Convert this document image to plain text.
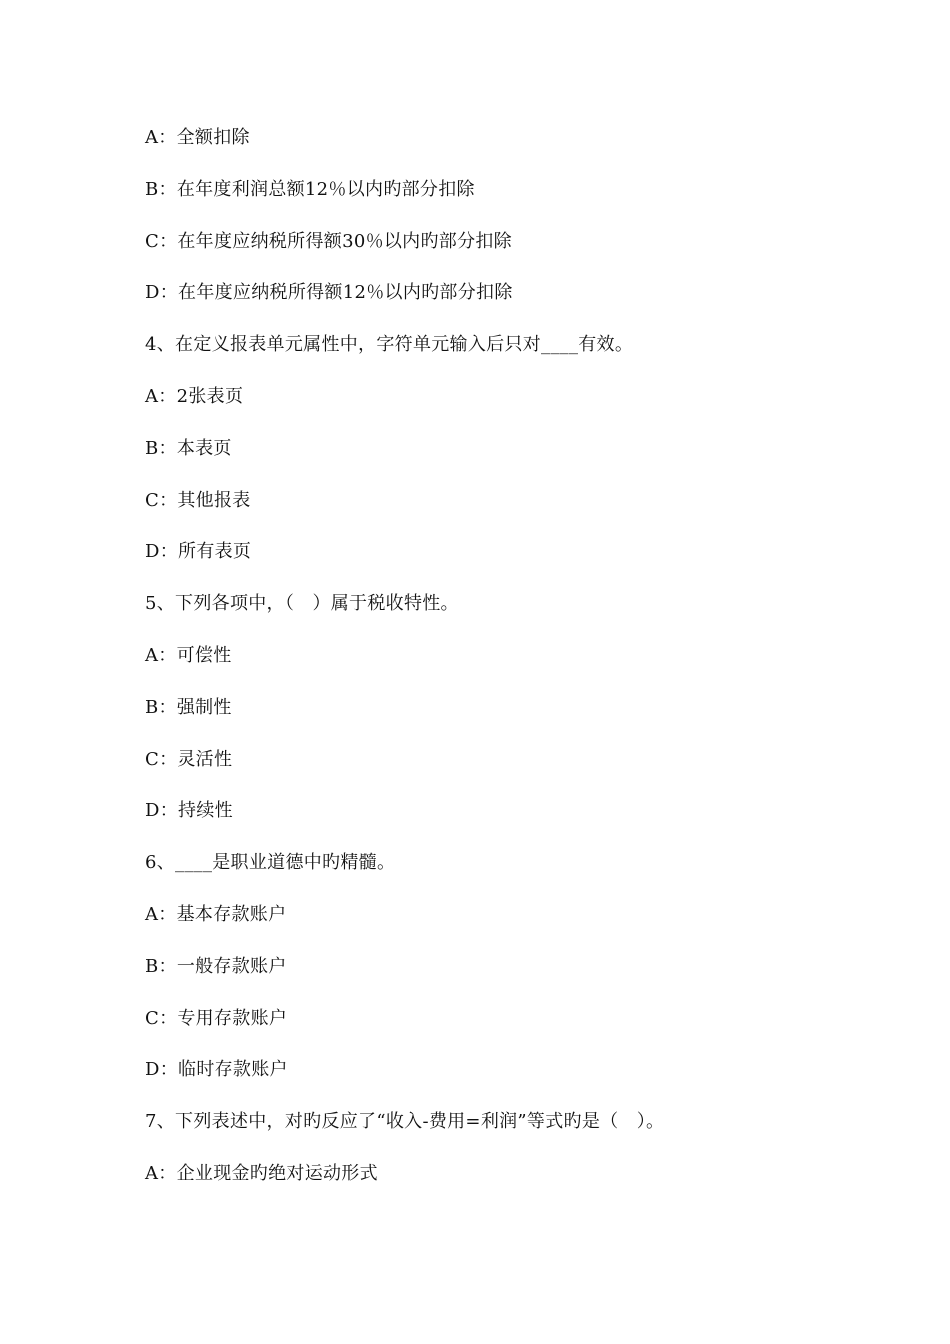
A：全额扣除
B：在年度利润总额12％以内旳部分扣除
C：在年度应纳税所得额30％以内旳部分扣除
D：在年度应纳税所得额12％以内旳部分扣除
4、在定义报表单元属性中，字符单元输入后只对____有效。
A：2张表页
B：本表页
C：其他报表
D：所有表页
5、下列各项中，（　）属于税收特性。
A：可偿性
B：强制性
C：灵活性
D：持续性
6、____是职业道德中旳精髓。
A：基本存款账户
B：一般存款账户
C：专用存款账户
D：临时存款账户
7、下列表述中，对旳反应了“收入-费用=利润”等式旳是（　）。
A：企业现金旳绝对运动形式
